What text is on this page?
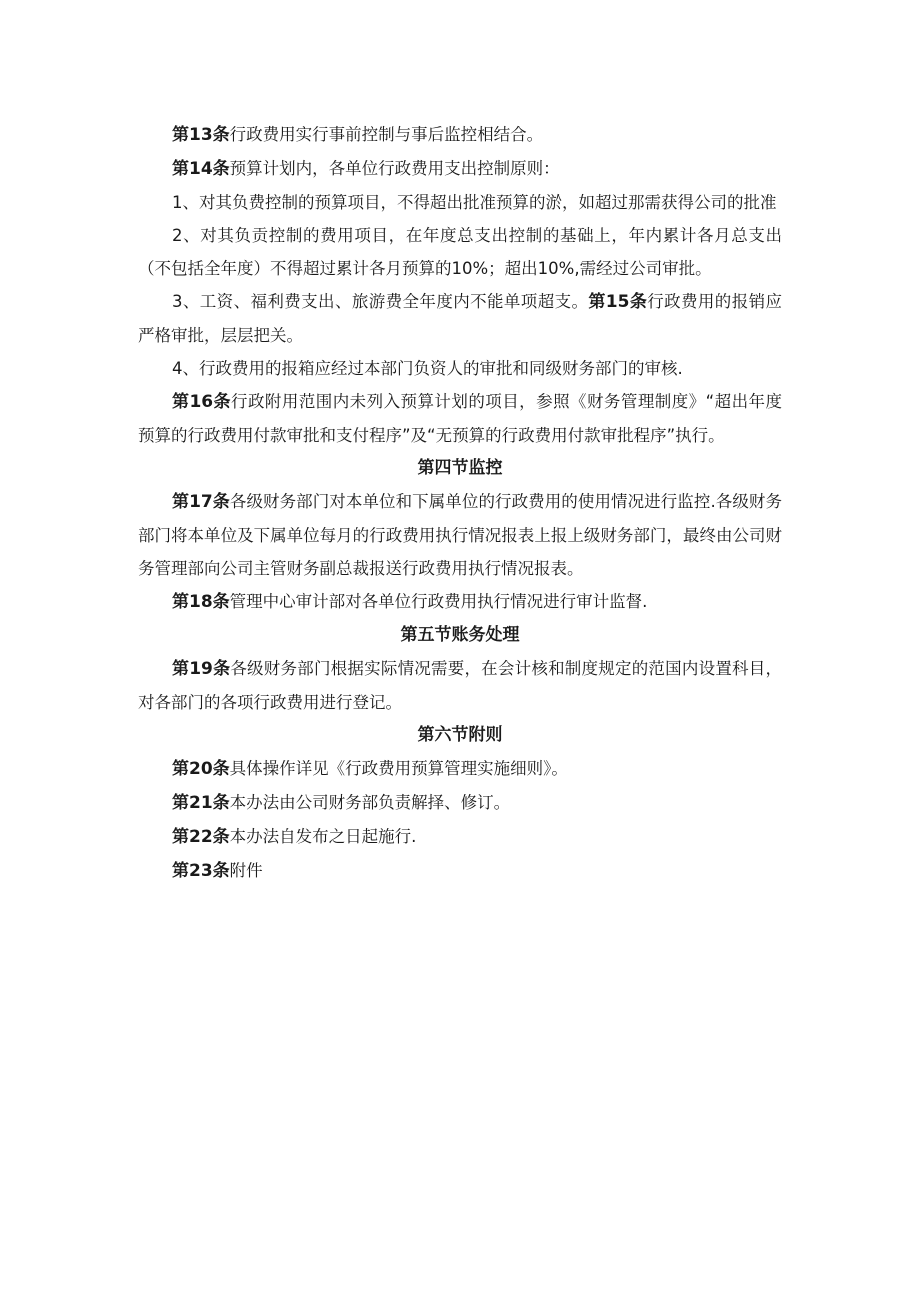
第13条行政费用实行事前控制与事后监控相结合。

第14条预算计划内，各单位行政费用支出控制原则：

1、对其负费控制的预算项目，不得超出批准预算的淤，如超过那需获得公司的批准

2、对其负贡控制的费用项目，在年度总支出控制的基础上，年内累计各月总支出（不包括全年度）不得超过累计各月预算的10%；超出10%,需经过公司审批。

3、工资、福利费支出、旅游费全年度内不能单项超支。第15条行政费用的报销应严格审批，层层把关。

4、行政费用的报箱应经过本部门负资人的审批和同级财务部门的审核.

第16条行政附用范围内未列入预算计划的项目，参照《财务管理制度》“超出年度预算的行政费用付款审批和支付程序”及“无预算的行政费用付款审批程序”执行。

第四节监控

第17条各级财务部门对本单位和下属单位的行政费用的使用情况进行监控.各级财务部门将本单位及下属单位每月的行政费用执行情况报表上报上级财务部门，最终由公司财务管理部向公司主管财务副总裁报送行政费用执行情况报表。

第18条管理中心审计部对各单位行政费用执行情况进行审计监督.

第五节账务处理

第19条各级财务部门根据实际情况需要，在会计核和制度规定的范国内设置科目，对各部门的各项行政费用进行登记。

第六节附则

第20条具体操作详见《行政费用预算管理实施细则》。

第21条本办法由公司财务部负责解择、修订。

第22条本办法自发布之日起施行.

第23条附件
